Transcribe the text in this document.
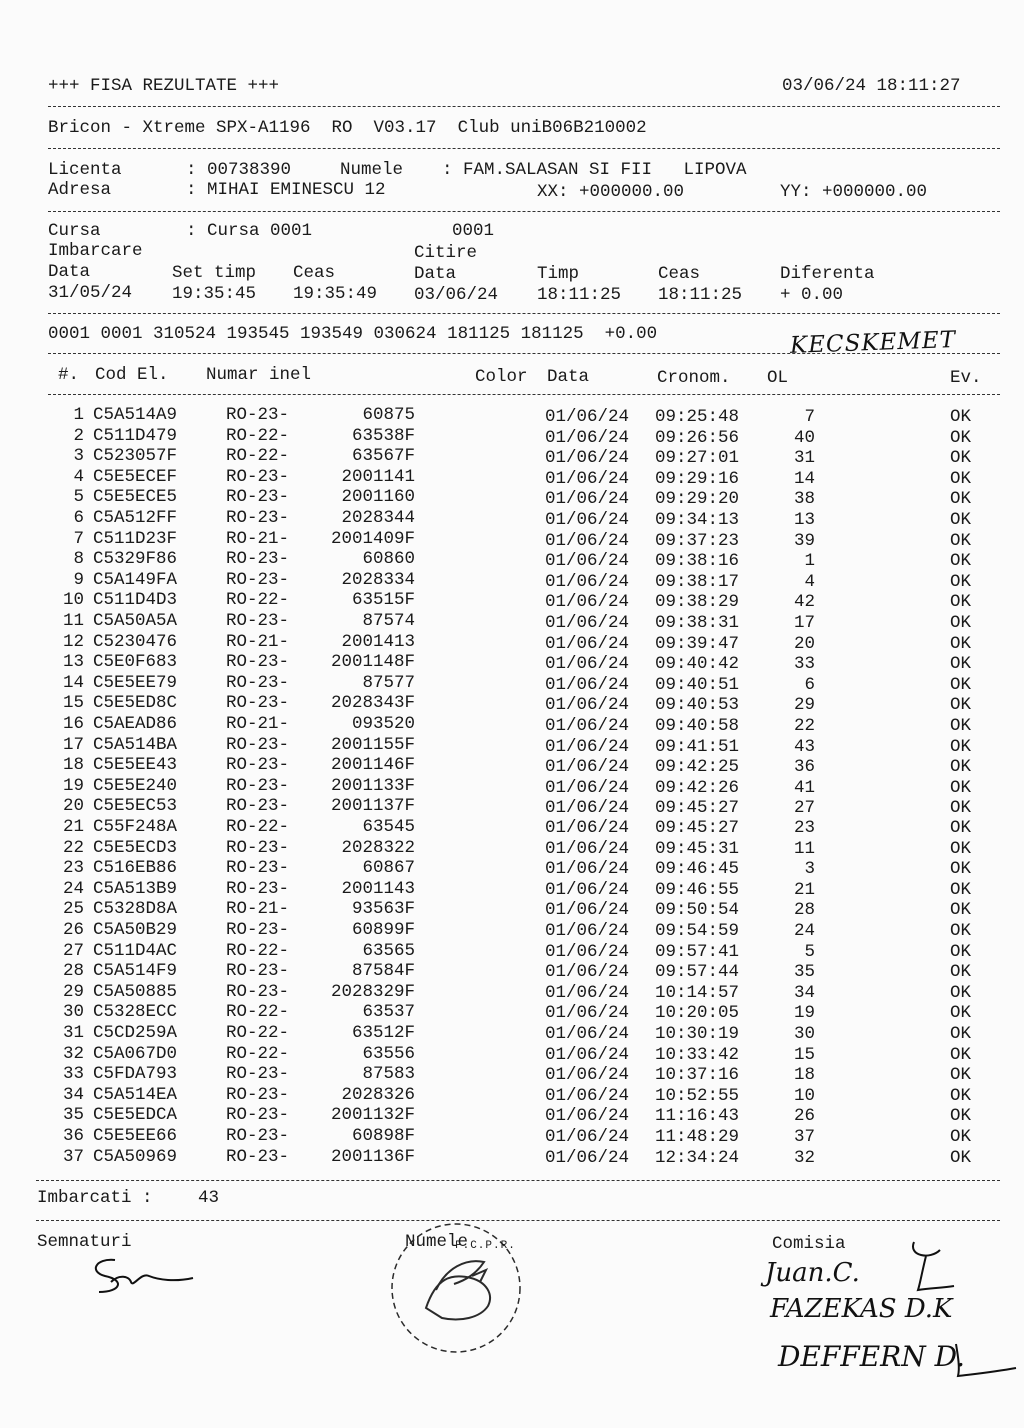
+++ FISA REZULTATE +++	03/06/24 18:11:27
Bricon - Xtreme SPX-A1196  RO  V03.17  Club uniB06B210002
Licenta	: 00738390	Numele : FAM.SALASAN SI FII   LIPOVA
Adresa	: MIHAI EMINESCU 12	XX: +000000.00	YY: +000000.00
Cursa	: Cursa 0001	0001
Imbarcare	Citire
Data	Set timp Ceas	Data	Timp	Ceas	Diferenta
31/05/24 19:35:45 19:35:49 03/06/24 18:11:25 18:11:25 + 0.00
0001 0001 310524 193545 193549 030624 181125 181125  +0.00	KECSKEMET
#. Cod El. Numar inel	Color Data	Cronom. OL	Ev.
1 C5A514A9	RO-23-	60875	01/06/24 09:25:48	7	OK
2 C511D479	RO-22-	63538F	01/06/24 09:26:56	40	OK
3 C523057F	RO-22-	63567F	01/06/24 09:27:01	31	OK
4 C5E5ECEF	RO-23-	2001141	01/06/24 09:29:16	14	OK
5 C5E5ECE5	RO-23-	2001160	01/06/24 09:29:20	38	OK
6 C5A512FF	RO-23-	2028344	01/06/24 09:34:13	13	OK
7 C511D23F	RO-21-	2001409F	01/06/24 09:37:23	39	OK
8 C5329F86	RO-23-	60860	01/06/24 09:38:16	1	OK
9 C5A149FA	RO-23-	2028334	01/06/24 09:38:17	4	OK
10 C511D4D3	RO-22-	63515F	01/06/24 09:38:29	42	OK
11 C5A50A5A	RO-23-	87574	01/06/24 09:38:31	17	OK
12 C5230476	RO-21-	2001413	01/06/24 09:39:47	20	OK
13 C5E0F683	RO-23-	2001148F	01/06/24 09:40:42	33	OK
14 C5E5EE79	RO-23-	87577	01/06/24 09:40:51	6	OK
15 C5E5ED8C	RO-23-	2028343F	01/06/24 09:40:53	29	OK
16 C5AEAD86	RO-21-	093520	01/06/24 09:40:58	22	OK
17 C5A514BA	RO-23-	2001155F	01/06/24 09:41:51	43	OK
18 C5E5EE43	RO-23-	2001146F	01/06/24 09:42:25	36	OK
19 C5E5E240	RO-23-	2001133F	01/06/24 09:42:26	41	OK
20 C5E5EC53	RO-23-	2001137F	01/06/24 09:45:27	27	OK
21 C55F248A	RO-22-	63545	01/06/24 09:45:27	23	OK
22 C5E5ECD3	RO-23-	2028322	01/06/24 09:45:31	11	OK
23 C516EB86	RO-23-	60867	01/06/24 09:46:45	3	OK
24 C5A513B9	RO-23-	2001143	01/06/24 09:46:55	21	OK
25 C5328D8A	RO-21-	93563F	01/06/24 09:50:54	28	OK
26 C5A50B29	RO-23-	60899F	01/06/24 09:54:59	24	OK
27 C511D4AC	RO-22-	63565	01/06/24 09:57:41	5	OK
28 C5A514F9	RO-23-	87584F	01/06/24 09:57:44	35	OK
29 C5A50885	RO-23-	2028329F	01/06/24 10:14:57	34	OK
30 C5328ECC	RO-22-	63537	01/06/24 10:20:05	19	OK
31 C5CD259A	RO-22-	63512F	01/06/24 10:30:19	30	OK
32 C5A067D0	RO-22-	63556	01/06/24 10:33:42	15	OK
33 C5FDA793	RO-23-	87583	01/06/24 10:37:16	18	OK
34 C5A514EA	RO-23-	2028326	01/06/24 10:52:55	10	OK
35 C5E5EDCA	RO-23-	2001132F	01/06/24 11:16:43	26	OK
36 C5E5EE66	RO-23-	60898F	01/06/24 11:48:29	37	OK
37 C5A50969	RO-23-	2001136F	01/06/24 12:34:24	32	OK
Imbarcati :	43
Semnaturi	Numele	Comisia
F.C.P.R.
Juan.C.
FAZEKAS D.K
DEFFERN D.
